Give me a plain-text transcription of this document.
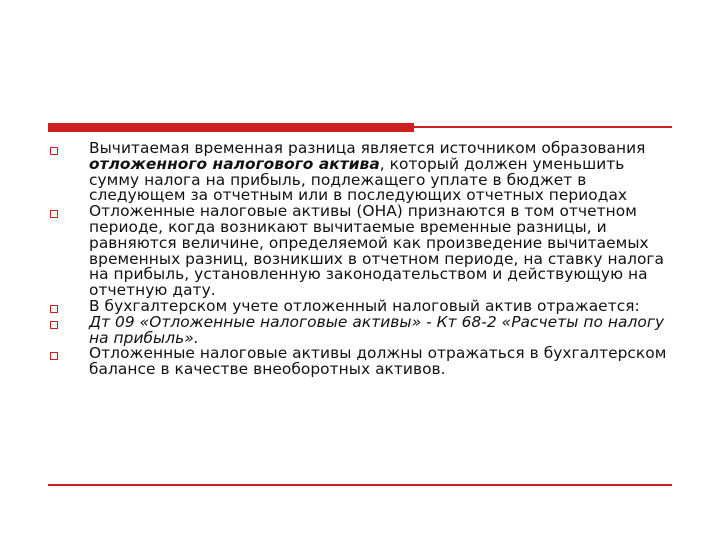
Вычитаемая временная разница является источником образования отложенного налогового актива, который должен уменьшить сумму налога на прибыль, подлежащего уплате в бюджет в следующем за отчетным или в последующих отчетных периодах
Отложенные налоговые активы (ОНА) признаются в том отчетном периоде, когда возникают вычитаемые временные разницы, и равняются величине, определяемой как произведение вычитаемых временных разниц, возникших в отчетном периоде, на ставку налога на прибыль, установленную законодательством и действующую на отчетную дату.
В бухгалтерском учете отложенный налоговый актив отражается:
Дт 09 «Отложенные налоговые активы» - Кт 68-2 «Расчеты по налогу на прибыль».
Отложенные налоговые активы должны отражаться в бухгалтерском балансе в качестве внеоборотных активов.
